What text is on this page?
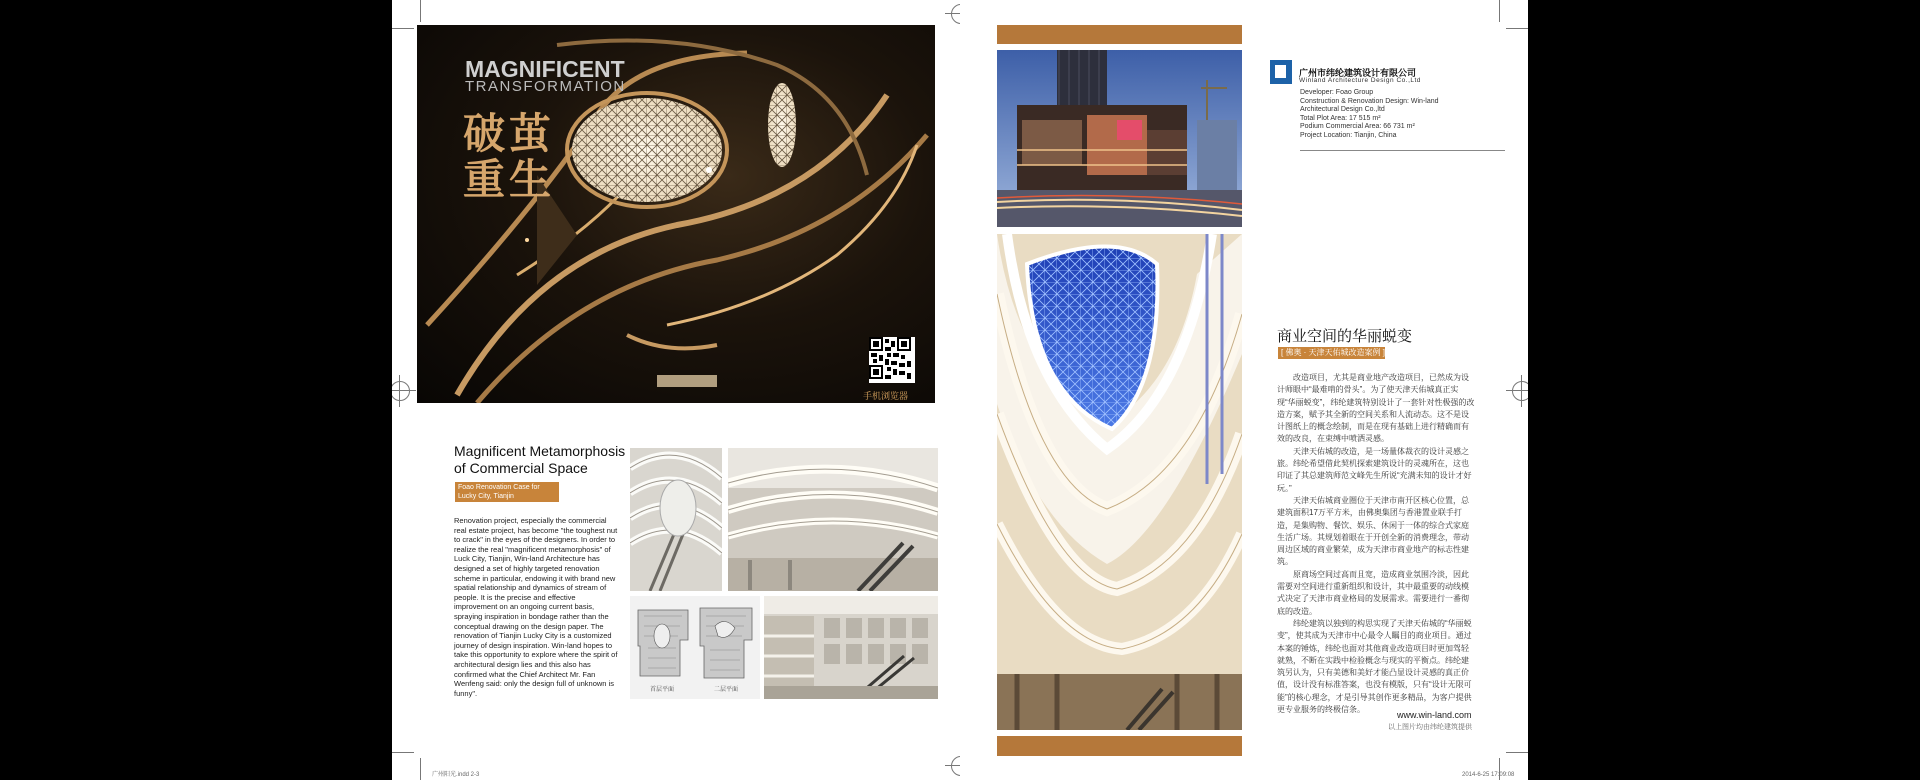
MAGNIFICENT
TRANSFORMATION
破茧
重生
手机浏览器
Magnificent Metamorphosis of Commercial Space
Foao Renovation Case for
Lucky City, Tianjin

Renovation project, especially the commercial real estate project, has become "the toughest nut to crack" in the eyes of the designers. In order to realize the real "magnificent metamorphosis" of Luck City, Tianjin, Win-land Architecture has designed a set of highly targeted renovation scheme in particular, endowing it with brand new spatial relationship and dynamics of stream of people. It is the precise and effective improvement on an ongoing current basis, spraying inspiration in bondage rather than the conceptual drawing on the design paper. The renovation of Tianjin Lucky City is a customized journey of design inspiration. Win-land hopes to take this opportunity to explore where the spirit of architectural design lies and this also has confirmed what the Chief Architect Mr. Fan Wenfeng said: only the design full of unknown is funny".	首层平面	二层平面
广州阳光.indd 2-3
广州市纬纶建筑设计有限公司
Winland Architecture Design Co.,Ltd
Developer: Foao Group
Construction & Renovation Design: Win-land
Architectural Design Co.,ltd
Total Plot Area: 17 515 m²
Podium Commercial Area: 66 731 m²
Project Location: Tianjin, China
商业空间的华丽蜕变
[ 佛奥 · 天津天佑城改造案例 ]

改造项目，尤其是商业地产改造项目，已然成为设计师眼中“最难啃的骨头”。为了使天津天佑城真正实现“华丽蜕变”，纬纶建筑特别设计了一套针对性极强的改造方案，赋予其全新的空间关系和人流动态。这不是设计图纸上的概念绘制，而是在现有基础上进行精确而有效的改良，在束缚中喷洒灵感。

天津天佑城的改造，是一场量体裁衣的设计灵感之旅。纬纶希望借此契机探索建筑设计的灵魂所在，这也印证了其总建筑师范文峰先生所说“充满未知的设计才好玩。”

天津天佑城商业圈位于天津市南开区核心位置，总建筑面积17万平方米，由佛奥集团与香港置业联手打造，是集购物、餐饮、娱乐、休闲于一体的综合式家庭生活广场。其规划着眼在于开创全新的消费理念，带动周边区域的商业繁荣，成为天津市商业地产的标志性建筑。

原商场空间过高而且宽，造成商业氛围冷淡，因此需要对空间进行重新组织和设计，其中最重要的动线模式决定了天津市商业格局的发展需求。需要进行一番彻底的改造。

纬纶建筑以独到的构思实现了天津天佑城的“华丽蜕变”，使其成为天津市中心最令人瞩目的商业项目。通过本案的锤炼，纬纶也面对其他商业改造项目时更加驾轻就熟，不断在实践中检验概念与现实的平衡点。纬纶建筑另认为，只有美德和美好才能凸显设计灵感的真正价值，设计没有标准答案，也没有模版，只有“设计无限可能”的核心理念，才是引导其创作更多精品，为客户提供更专业服务的终极信条。

www.win-land.com
以上图片均由纬纶建筑提供
2014-6-25 17:09:08
